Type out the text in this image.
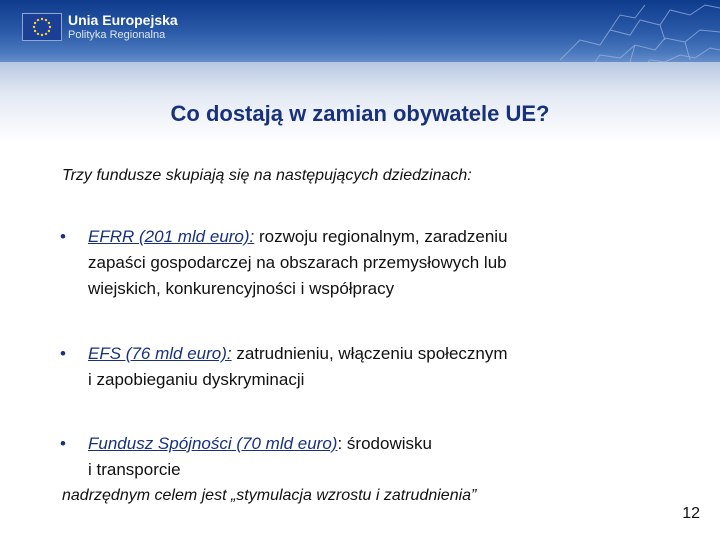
Unia Europejska
Polityka Regionalna
Co dostają w zamian obywatele UE?
Trzy fundusze skupiają się na następujących dziedzinach:
• EFRR (201 mld euro): rozwoju regionalnym, zaradzeniu
zapaści gospodarczej na obszarach przemysłowych lub
wiejskich, konkurencyjności i współpracy
• EFS (76 mld euro): zatrudnieniu, włączeniu społecznym
i zapobieganiu dyskryminacji
• Fundusz Spójności (70 mld euro): środowisku
i transporcie
nadrzędnym celem jest „stymulacja wzrostu i zatrudnienia”
12
